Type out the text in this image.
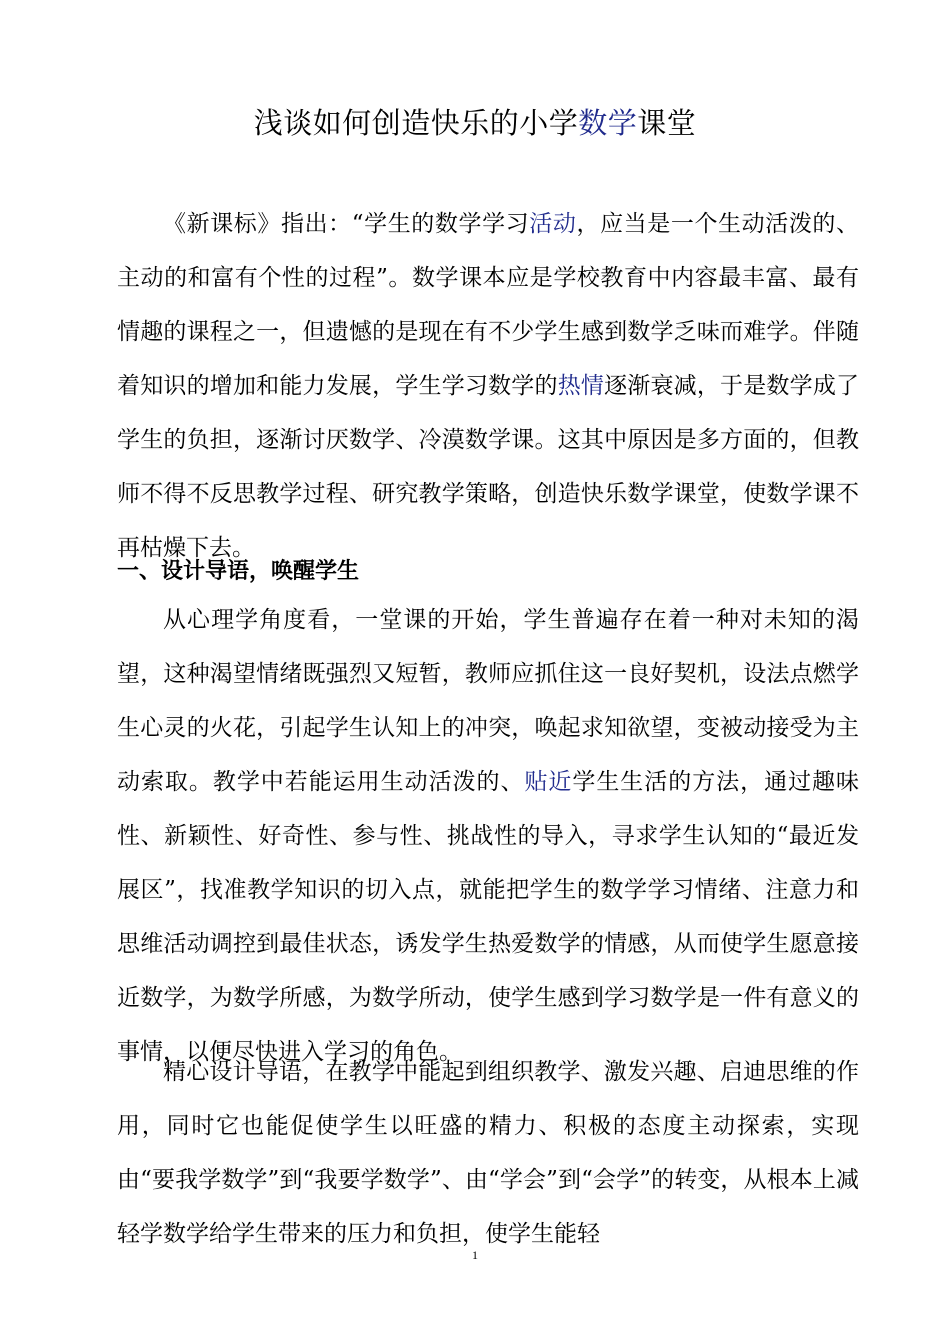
浅谈如何创造快乐的小学数学课堂
《新课标》指出：“学生的数学学习活动，应当是一个生动活泼的、主动的和富有个性的过程”。数学课本应是学校教育中内容最丰富、最有情趣的课程之一，但遗憾的是现在有不少学生感到数学乏味而难学。伴随着知识的增加和能力发展，学生学习数学的热情逐渐衰减，于是数学成了学生的负担，逐渐讨厌数学、冷漠数学课。这其中原因是多方面的，但教师不得不反思教学过程、研究教学策略，创造快乐数学课堂，使数学课不再枯燥下去。
一、设计导语，唤醒学生
从心理学角度看，一堂课的开始，学生普遍存在着一种对未知的渴望，这种渴望情绪既强烈又短暂，教师应抓住这一良好契机，设法点燃学生心灵的火花，引起学生认知上的冲突，唤起求知欲望，变被动接受为主动索取。教学中若能运用生动活泼的、贴近学生生活的方法，通过趣味性、新颖性、好奇性、参与性、挑战性的导入，寻求学生认知的“最近发展区”，找准教学知识的切入点，就能把学生的数学学习情绪、注意力和思维活动调控到最佳状态，诱发学生热爱数学的情感，从而使学生愿意接近数学，为数学所感，为数学所动，使学生感到学习数学是一件有意义的事情，以便尽快进入学习的角色。
精心设计导语，在教学中能起到组织教学、激发兴趣、启迪思维的作用，同时它也能促使学生以旺盛的精力、积极的态度主动探索，实现由“要我学数学”到“我要学数学”、由“学会”到“会学”的转变，从根本上减轻学数学给学生带来的压力和负担，使学生能轻
1
